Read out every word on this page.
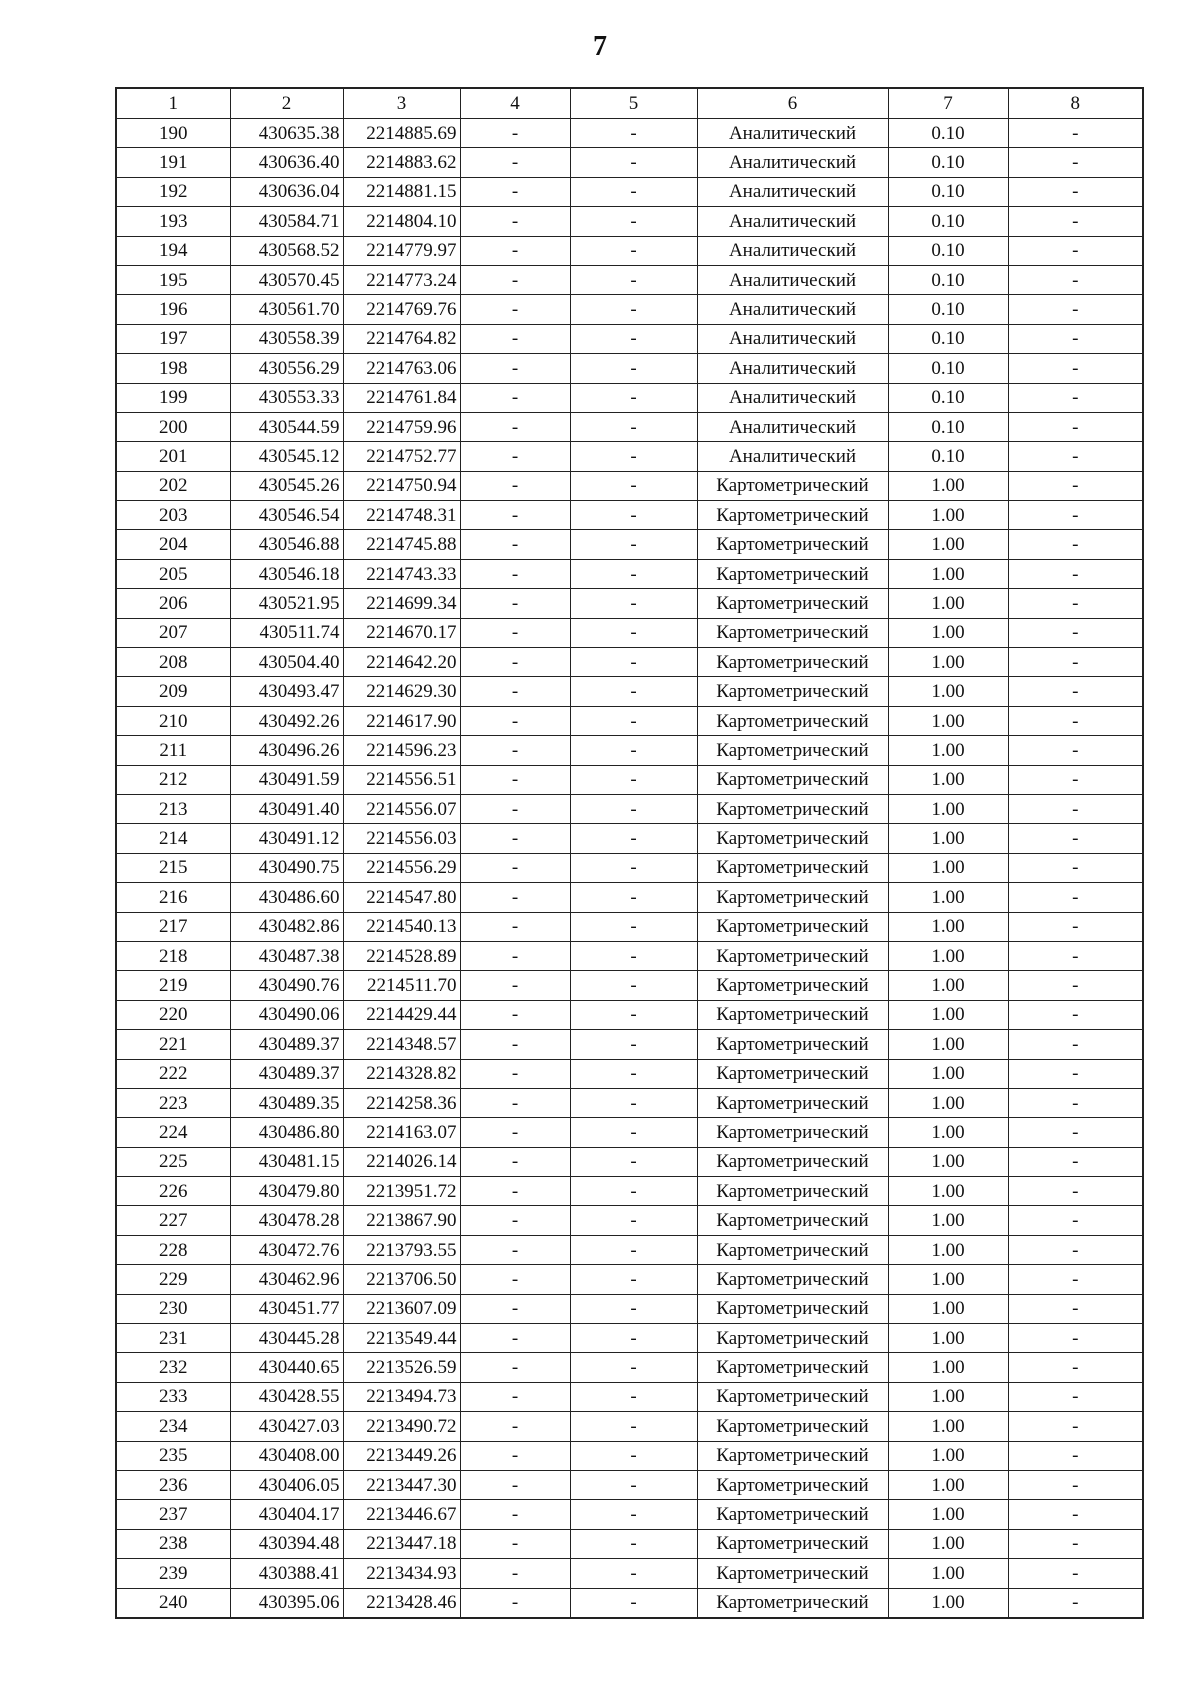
7
1	2	3	4	5	6	7	8
190	430635.38	2214885.69	-	-	Аналитический	0.10	-
191	430636.40	2214883.62	-	-	Аналитический	0.10	-
192	430636.04	2214881.15	-	-	Аналитический	0.10	-
193	430584.71	2214804.10	-	-	Аналитический	0.10	-
194	430568.52	2214779.97	-	-	Аналитический	0.10	-
195	430570.45	2214773.24	-	-	Аналитический	0.10	-
196	430561.70	2214769.76	-	-	Аналитический	0.10	-
197	430558.39	2214764.82	-	-	Аналитический	0.10	-
198	430556.29	2214763.06	-	-	Аналитический	0.10	-
199	430553.33	2214761.84	-	-	Аналитический	0.10	-
200	430544.59	2214759.96	-	-	Аналитический	0.10	-
201	430545.12	2214752.77	-	-	Аналитический	0.10	-
202	430545.26	2214750.94	-	-	Картометрический	1.00	-
203	430546.54	2214748.31	-	-	Картометрический	1.00	-
204	430546.88	2214745.88	-	-	Картометрический	1.00	-
205	430546.18	2214743.33	-	-	Картометрический	1.00	-
206	430521.95	2214699.34	-	-	Картометрический	1.00	-
207	430511.74	2214670.17	-	-	Картометрический	1.00	-
208	430504.40	2214642.20	-	-	Картометрический	1.00	-
209	430493.47	2214629.30	-	-	Картометрический	1.00	-
210	430492.26	2214617.90	-	-	Картометрический	1.00	-
211	430496.26	2214596.23	-	-	Картометрический	1.00	-
212	430491.59	2214556.51	-	-	Картометрический	1.00	-
213	430491.40	2214556.07	-	-	Картометрический	1.00	-
214	430491.12	2214556.03	-	-	Картометрический	1.00	-
215	430490.75	2214556.29	-	-	Картометрический	1.00	-
216	430486.60	2214547.80	-	-	Картометрический	1.00	-
217	430482.86	2214540.13	-	-	Картометрический	1.00	-
218	430487.38	2214528.89	-	-	Картометрический	1.00	-
219	430490.76	2214511.70	-	-	Картометрический	1.00	-
220	430490.06	2214429.44	-	-	Картометрический	1.00	-
221	430489.37	2214348.57	-	-	Картометрический	1.00	-
222	430489.37	2214328.82	-	-	Картометрический	1.00	-
223	430489.35	2214258.36	-	-	Картометрический	1.00	-
224	430486.80	2214163.07	-	-	Картометрический	1.00	-
225	430481.15	2214026.14	-	-	Картометрический	1.00	-
226	430479.80	2213951.72	-	-	Картометрический	1.00	-
227	430478.28	2213867.90	-	-	Картометрический	1.00	-
228	430472.76	2213793.55	-	-	Картометрический	1.00	-
229	430462.96	2213706.50	-	-	Картометрический	1.00	-
230	430451.77	2213607.09	-	-	Картометрический	1.00	-
231	430445.28	2213549.44	-	-	Картометрический	1.00	-
232	430440.65	2213526.59	-	-	Картометрический	1.00	-
233	430428.55	2213494.73	-	-	Картометрический	1.00	-
234	430427.03	2213490.72	-	-	Картометрический	1.00	-
235	430408.00	2213449.26	-	-	Картометрический	1.00	-
236	430406.05	2213447.30	-	-	Картометрический	1.00	-
237	430404.17	2213446.67	-	-	Картометрический	1.00	-
238	430394.48	2213447.18	-	-	Картометрический	1.00	-
239	430388.41	2213434.93	-	-	Картометрический	1.00	-
240	430395.06	2213428.46	-	-	Картометрический	1.00	-
